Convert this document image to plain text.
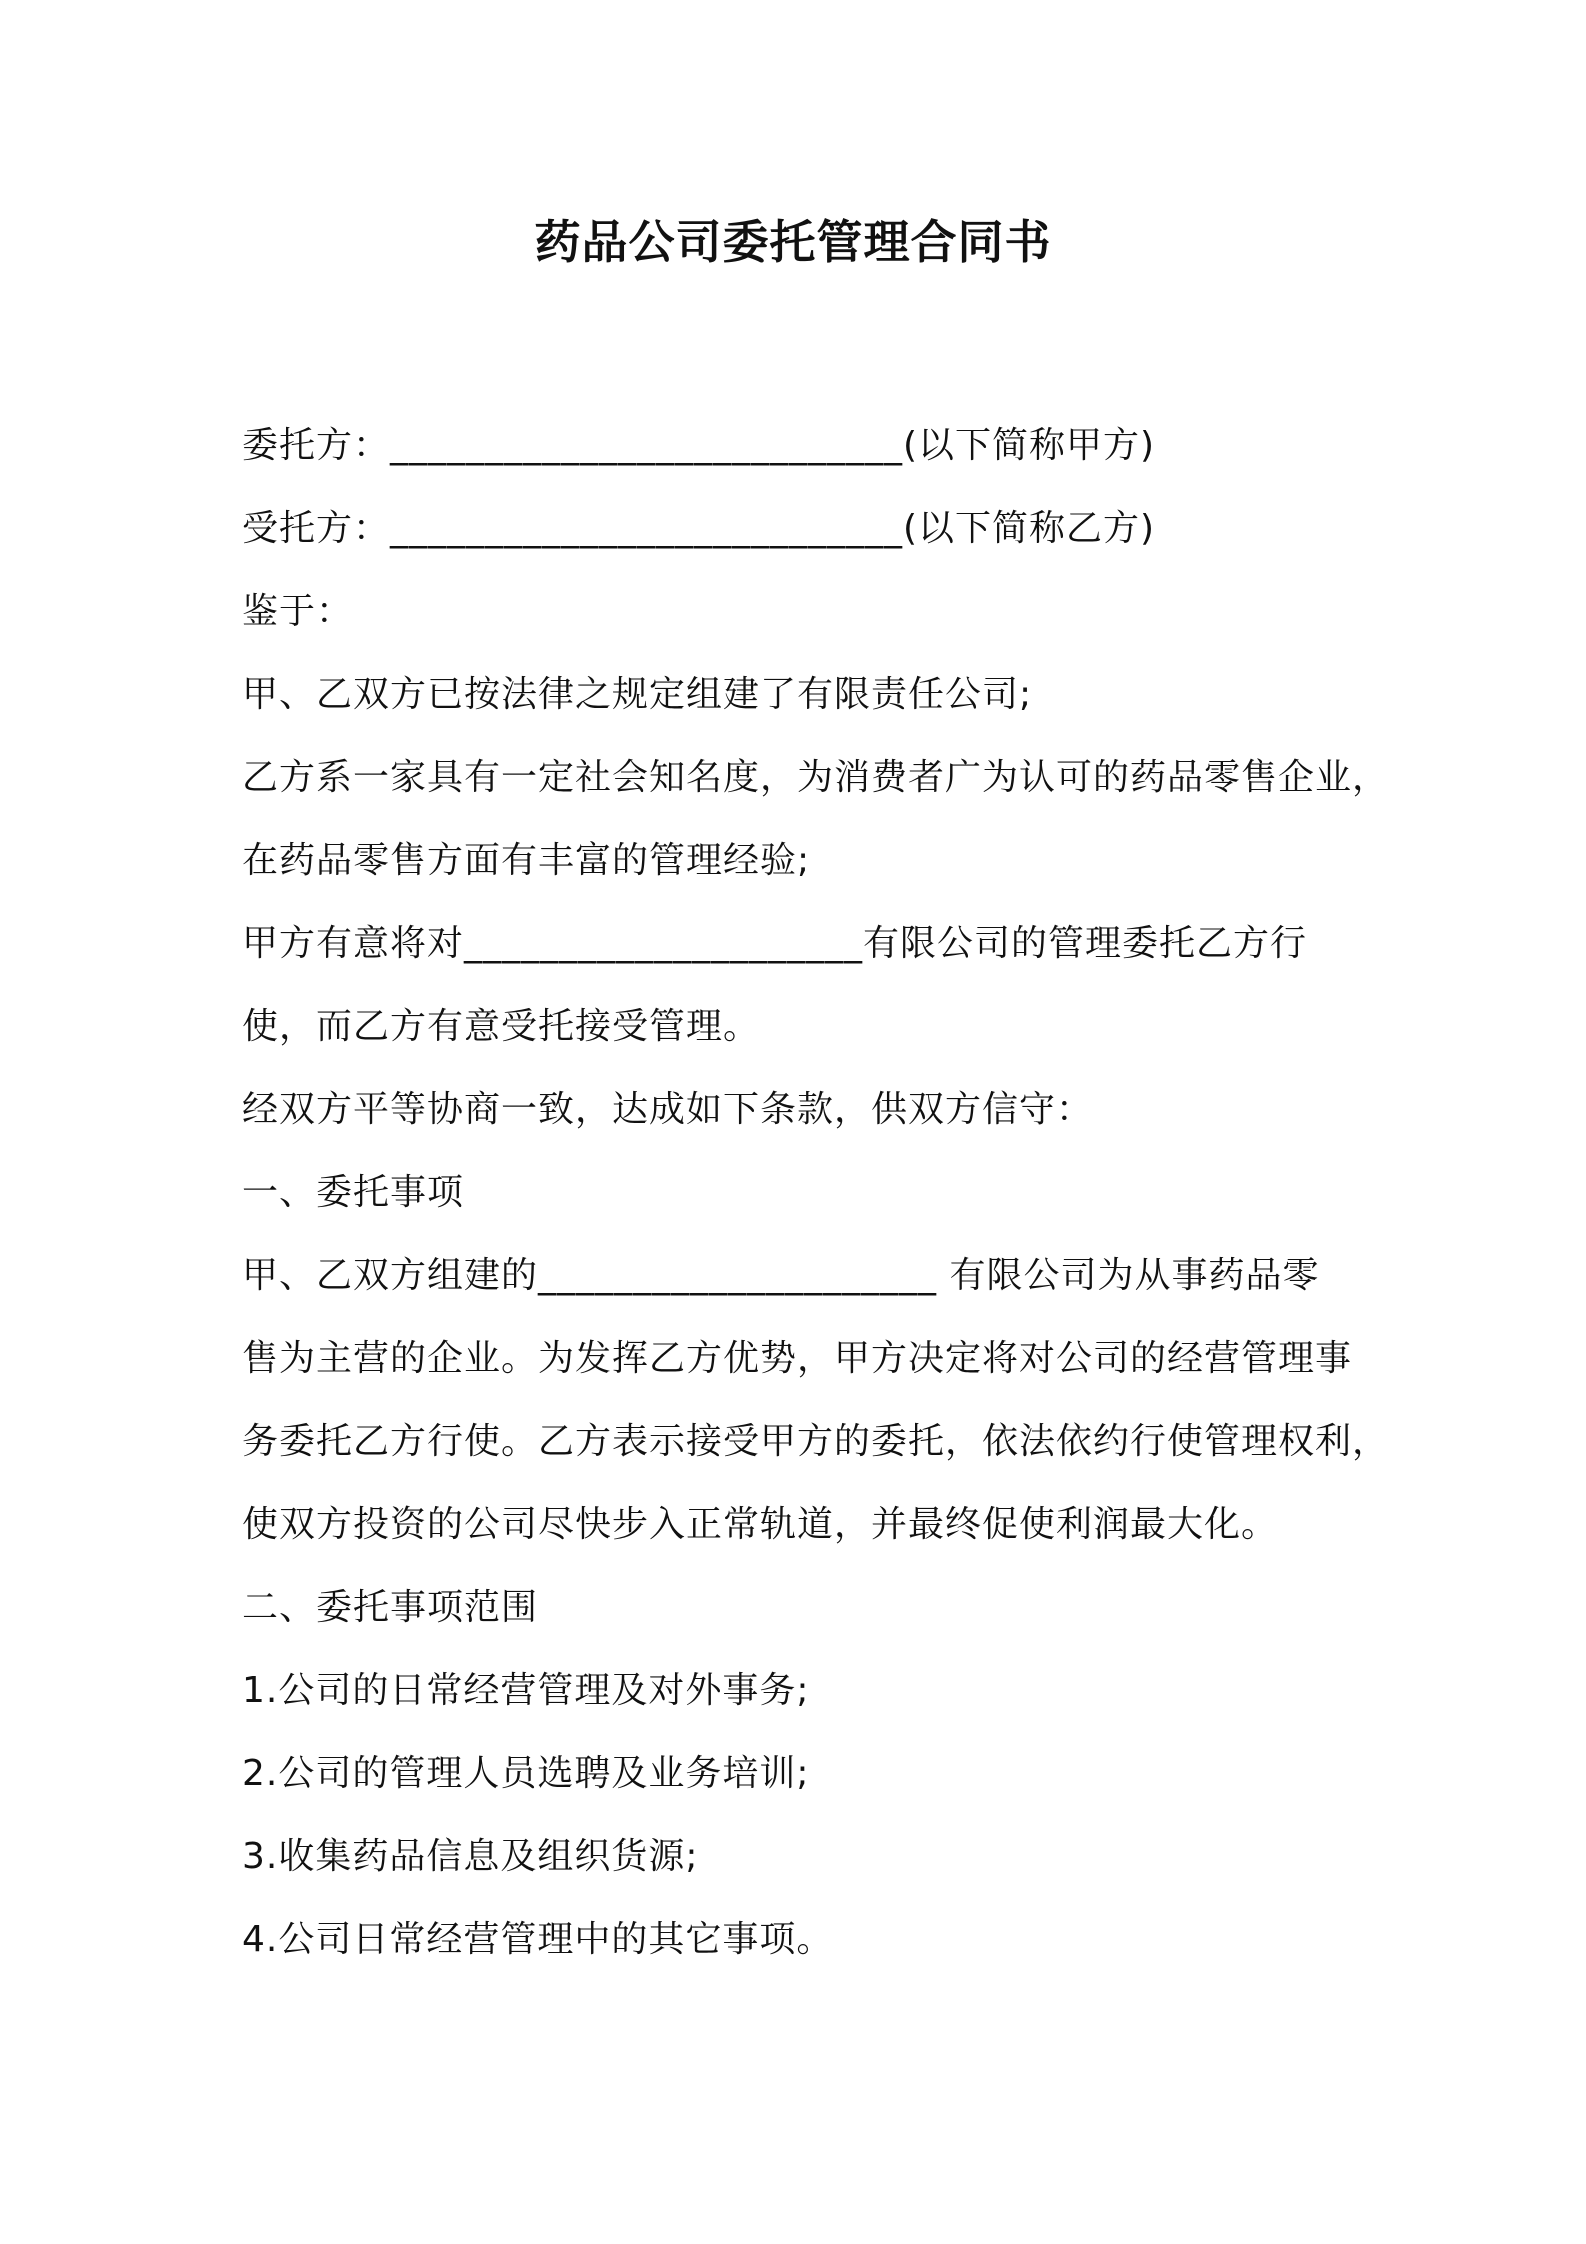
药品公司委托管理合同书
委托方：___________________________(以下简称甲方)
受托方：___________________________(以下简称乙方)
鉴于：
甲、乙双方已按法律之规定组建了有限责任公司;
乙方系一家具有一定社会知名度，为消费者广为认可的药品零售企业，
在药品零售方面有丰富的管理经验;
甲方有意将对_____________________有限公司的管理委托乙方行
使，而乙方有意受托接受管理。
经双方平等协商一致，达成如下条款，供双方信守：
一、委托事项
甲、乙双方组建的_____________________ 有限公司为从事药品零
售为主营的企业。为发挥乙方优势，甲方决定将对公司的经营管理事
务委托乙方行使。乙方表示接受甲方的委托，依法依约行使管理权利，
使双方投资的公司尽快步入正常轨道，并最终促使利润最大化。
二、委托事项范围
1.公司的日常经营管理及对外事务;
2.公司的管理人员选聘及业务培训;
3.收集药品信息及组织货源;
4.公司日常经营管理中的其它事项。
